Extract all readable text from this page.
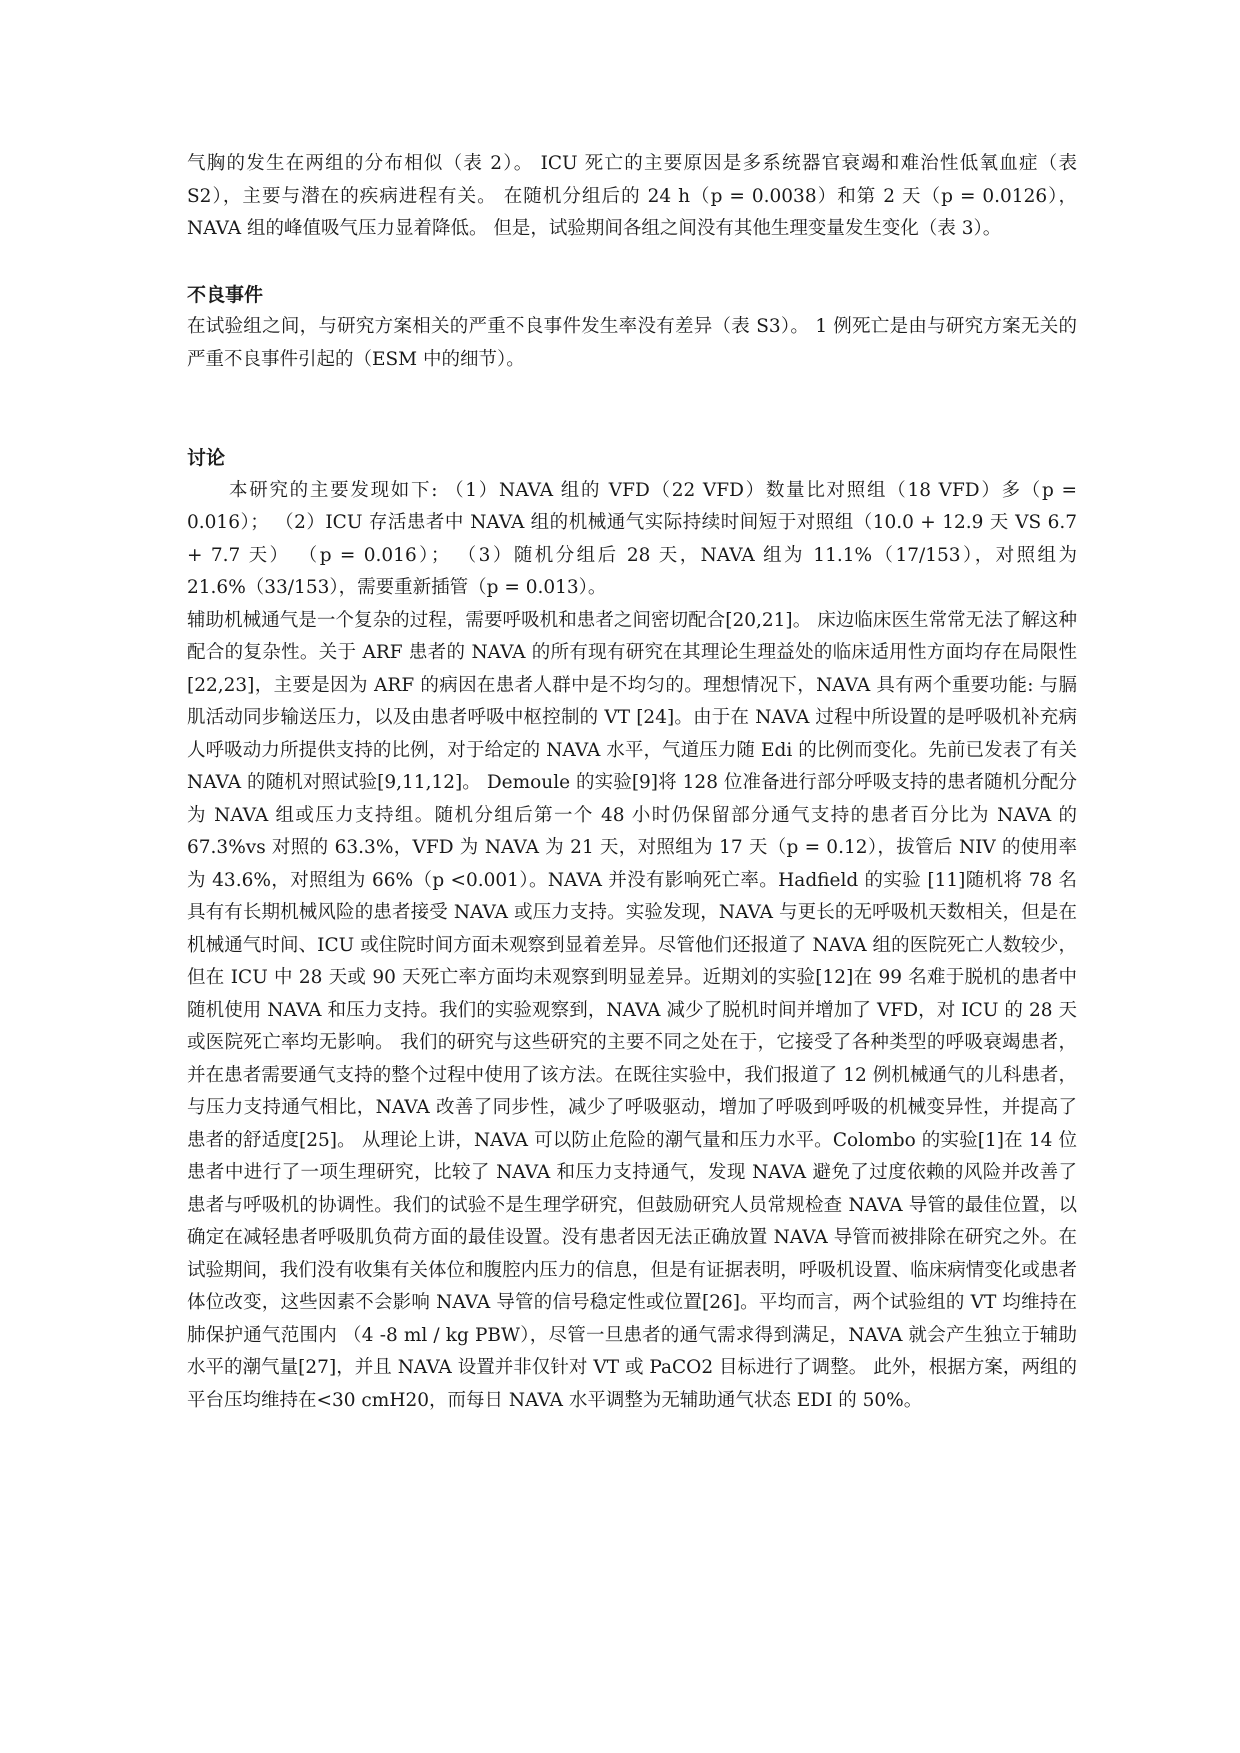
气胸的发生在两组的分布相似（表 2）。 ICU 死亡的主要原因是多系统器官衰竭和难治性低氧血症（表 S2），主要与潜在的疾病进程有关。 在随机分组后的 24 h（p = 0.0038）和第 2 天（p = 0.0126），NAVA 组的峰值吸气压力显着降低。 但是，试验期间各组之间没有其他生理变量发生变化（表 3）。

不良事件

在试验组之间，与研究方案相关的严重不良事件发生率没有差异（表 S3）。 1 例死亡是由与研究方案无关的严重不良事件引起的（ESM 中的细节）。

讨论

本研究的主要发现如下: （1）NAVA 组的 VFD（22 VFD）数量比对照组（18 VFD）多（p = 0.016）； （2）ICU 存活患者中 NAVA 组的机械通气实际持续时间短于对照组（10.0 + 12.9 天 VS 6.7 + 7.7 天） （p = 0.016）； （3）随机分组后 28 天，NAVA 组为 11.1%（17/153），对照组为 21.6%（33/153），需要重新插管（p = 0.013）。

辅助机械通气是一个复杂的过程，需要呼吸机和患者之间密切配合[20,21]。 床边临床医生常常无法了解这种配合的复杂性。关于 ARF 患者的 NAVA 的所有现有研究在其理论生理益处的临床适用性方面均存在局限性[22,23]，主要是因为 ARF 的病因在患者人群中是不均匀的。理想情况下，NAVA 具有两个重要功能: 与膈肌活动同步输送压力，以及由患者呼吸中枢控制的 VT [24]。由于在 NAVA 过程中所设置的是呼吸机补充病人呼吸动力所提供支持的比例，对于给定的 NAVA 水平，气道压力随 Edi 的比例而变化。先前已发表了有关 NAVA 的随机对照试验[9,11,12]。 Demoule 的实验[9]将 128 位准备进行部分呼吸支持的患者随机分配分为 NAVA 组或压力支持组。随机分组后第一个 48 小时仍保留部分通气支持的患者百分比为 NAVA 的 67.3%vs 对照的 63.3%，VFD 为 NAVA 为 21 天，对照组为 17 天（p = 0.12），拔管后 NIV 的使用率为 43.6%，对照组为 66%（p <0.001）。NAVA 并没有影响死亡率。Hadfield 的实验 [11]随机将 78 名具有有长期机械风险的患者接受 NAVA 或压力支持。实验发现，NAVA 与更长的无呼吸机天数相关，但是在机械通气时间、ICU 或住院时间方面未观察到显着差异。尽管他们还报道了 NAVA 组的医院死亡人数较少，但在 ICU 中 28 天或 90 天死亡率方面均未观察到明显差异。近期刘的实验[12]在 99 名难于脱机的患者中随机使用 NAVA 和压力支持。我们的实验观察到，NAVA 减少了脱机时间并增加了 VFD，对 ICU 的 28 天或医院死亡率均无影响。 我们的研究与这些研究的主要不同之处在于，它接受了各种类型的呼吸衰竭患者，并在患者需要通气支持的整个过程中使用了该方法。在既往实验中，我们报道了 12 例机械通气的儿科患者，与压力支持通气相比，NAVA 改善了同步性，减少了呼吸驱动，增加了呼吸到呼吸的机械变异性，并提高了患者的舒适度[25]。 从理论上讲，NAVA 可以防止危险的潮气量和压力水平。Colombo 的实验[1]在 14 位患者中进行了一项生理研究，比较了 NAVA 和压力支持通气，发现 NAVA 避免了过度依赖的风险并改善了患者与呼吸机的协调性。我们的试验不是生理学研究，但鼓励研究人员常规检查 NAVA 导管的最佳位置，以确定在减轻患者呼吸肌负荷方面的最佳设置。没有患者因无法正确放置 NAVA 导管而被排除在研究之外。在试验期间，我们没有收集有关体位和腹腔内压力的信息，但是有证据表明，呼吸机设置、临床病情变化或患者体位改变，这些因素不会影响 NAVA 导管的信号稳定性或位置[26]。平均而言，两个试验组的 VT 均维持在肺保护通气范围内 （4 -8 ml / kg PBW），尽管一旦患者的通气需求得到满足，NAVA 就会产生独立于辅助水平的潮气量[27]，并且 NAVA 设置并非仅针对 VT 或 PaCO2 目标进行了调整。 此外，根据方案，两组的平台压均维持在<30 cmH20，而每日 NAVA 水平调整为无辅助通气状态 EDI 的 50%。
